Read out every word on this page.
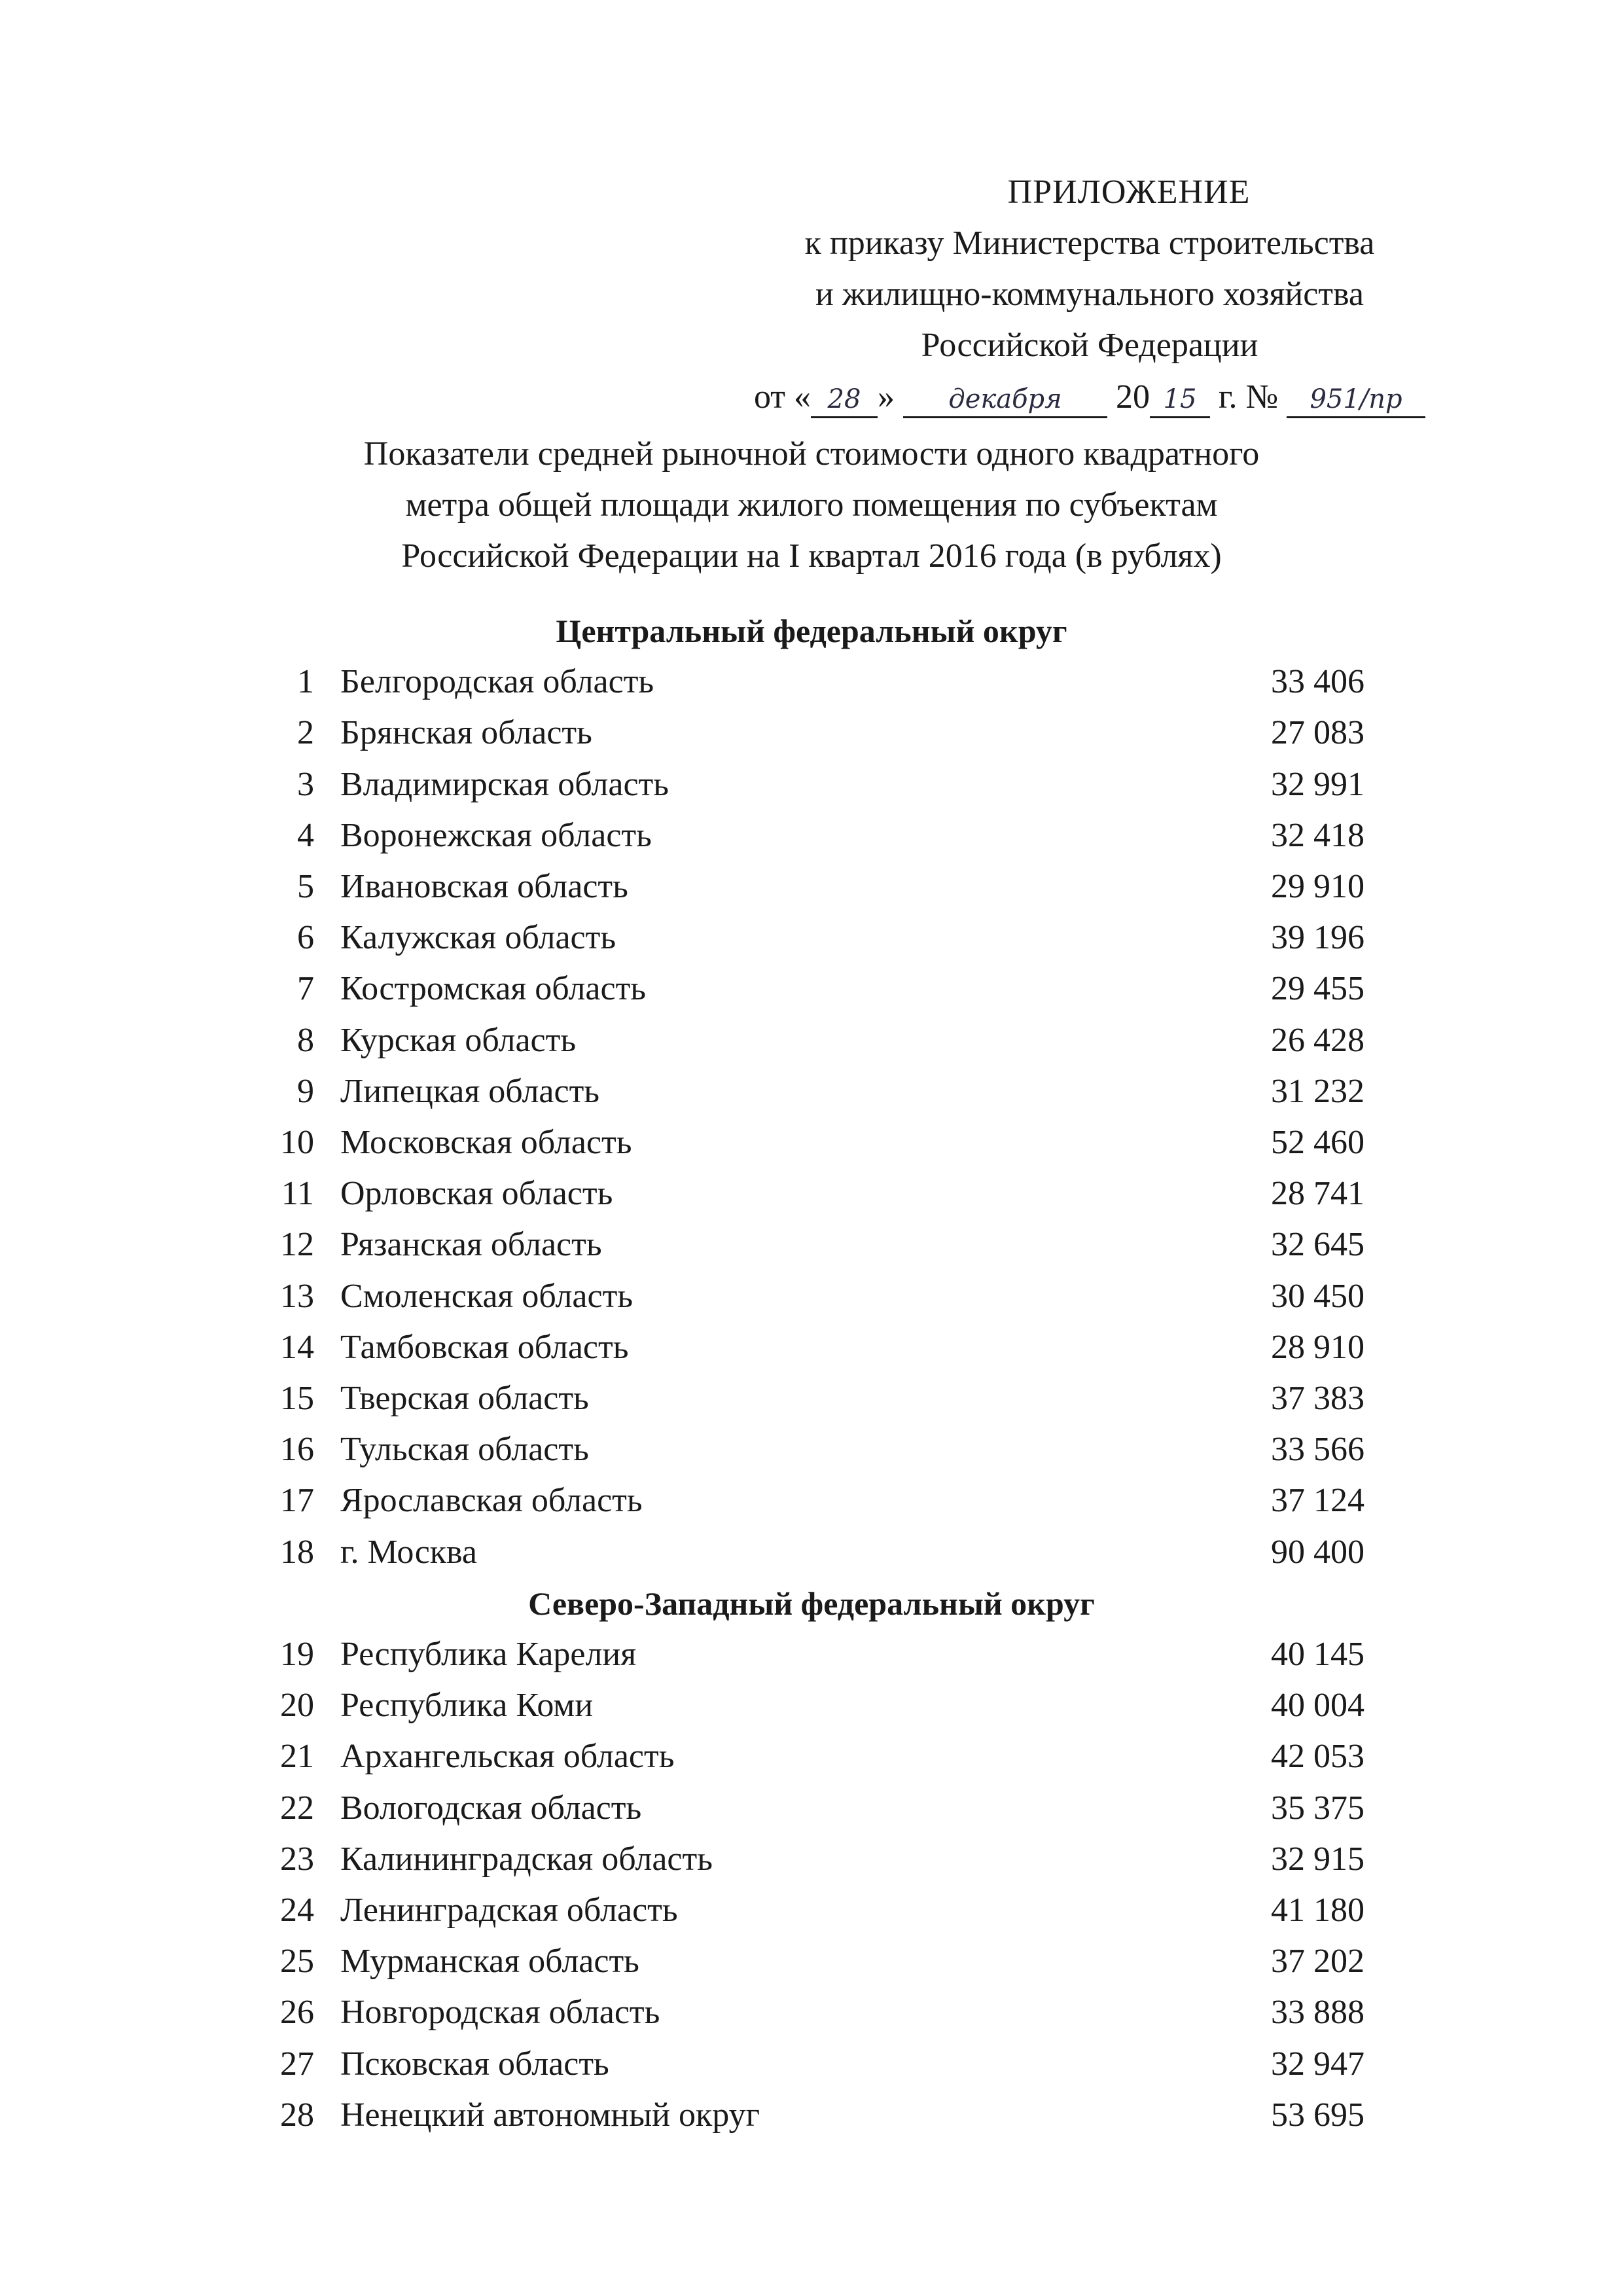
ПРИЛОЖЕНИЕ
к приказу Министерства строительства
и жилищно-коммунального хозяйства
Российской Федерации
от « 28 » декабря 20 15 г. № 951/пр
Показатели средней рыночной стоимости одного квадратного
метра общей площади жилого помещения по субъектам
Российской Федерации на I квартал 2016 года (в рублях)
Центральный федеральный округ
1 Белгородская область	33 406
2 Брянская область	27 083
3 Владимирская область	32 991
4 Воронежская область	32 418
5 Ивановская область	29 910
6 Калужская область	39 196
7 Костромская область	29 455
8 Курская область	26 428
9 Липецкая область	31 232
10 Московская область	52 460
11 Орловская область	28 741
12 Рязанская область	32 645
13 Смоленская область	30 450
14 Тамбовская область	28 910
15 Тверская область	37 383
16 Тульская область	33 566
17 Ярославская область	37 124
18 г. Москва	90 400
Северо-Западный федеральный округ
19 Республика Карелия	40 145
20 Республика Коми	40 004
21 Архангельская область	42 053
22 Вологодская область	35 375
23 Калининградская область	32 915
24 Ленинградская область	41 180
25 Мурманская область	37 202
26 Новгородская область	33 888
27 Псковская область	32 947
28 Ненецкий автономный округ	53 695
